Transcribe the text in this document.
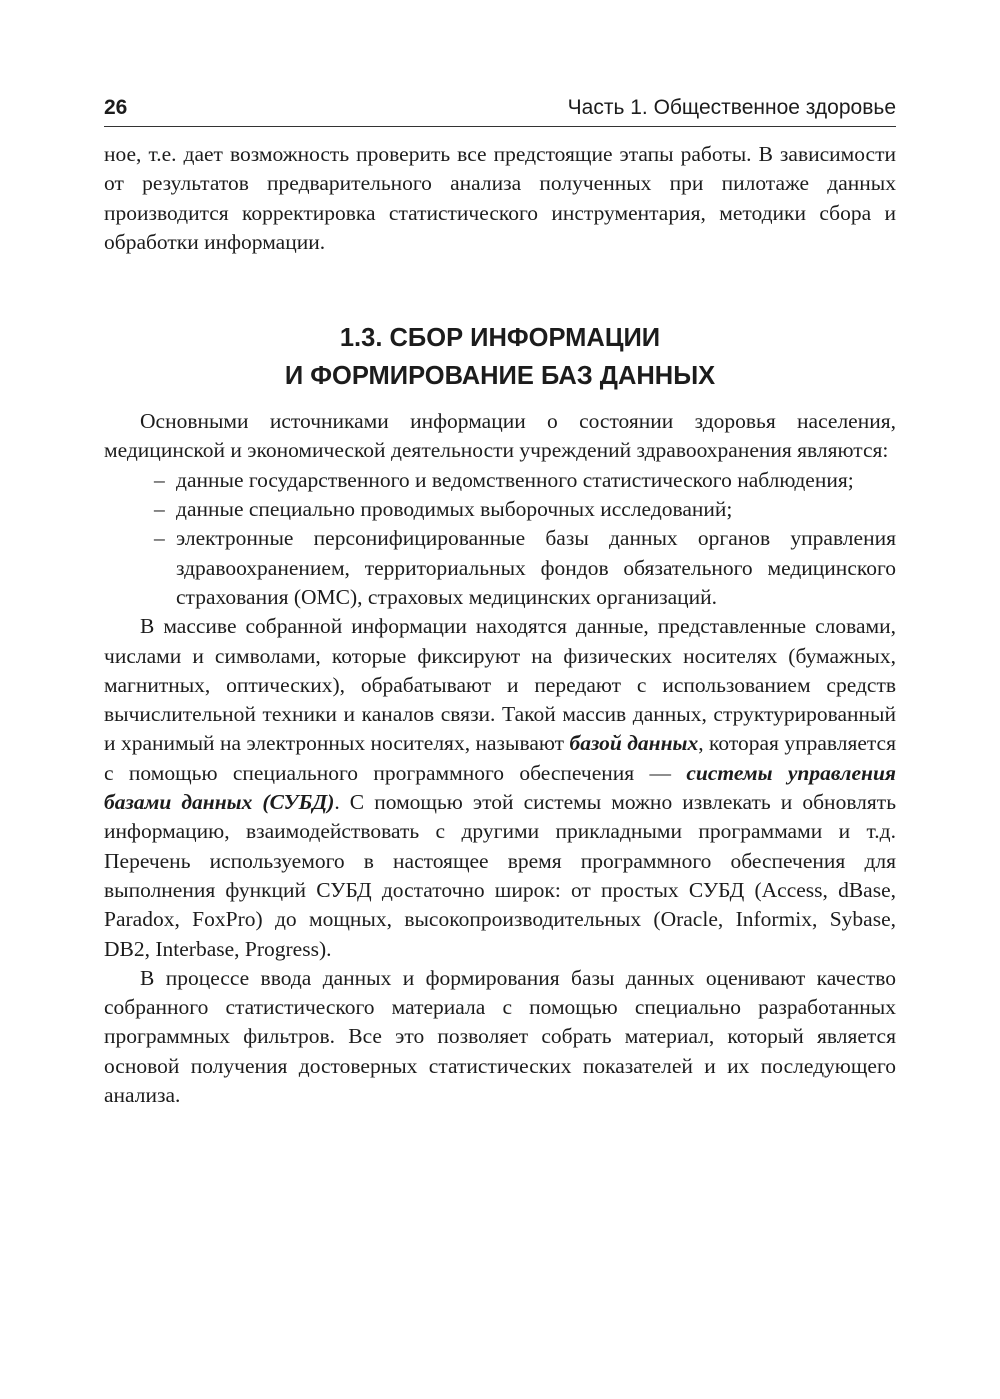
26	Часть 1. Общественное здоровье

ное, т.е. дает возможность проверить все предстоящие этапы работы. В зависимости от результатов предварительного анализа полученных при пилотаже данных производится корректировка статистического инструментария, методики сбора и обработки информации.

1.3. СБОР ИНФОРМАЦИИ
И ФОРМИРОВАНИЕ БАЗ ДАННЫХ

Основными источниками информации о состоянии здоровья населения, медицинской и экономической деятельности учреждений здравоохранения являются:

– данные государственного и ведомственного статистического наблюдения;
– данные специально проводимых выборочных исследований;
– электронные персонифицированные базы данных органов управления здравоохранением, территориальных фондов обязательного медицинского страхования (ОМС), страховых медицинских организаций.

В массиве собранной информации находятся данные, представленные словами, числами и символами, которые фиксируют на физических носителях (бумажных, магнитных, оптических), обрабатывают и передают с использованием средств вычислительной техники и каналов связи. Такой массив данных, структурированный и хранимый на электронных носителях, называют базой данных, которая управляется с помощью специального программного обеспечения — системы управления базами данных (СУБД). С помощью этой системы можно извлекать и обновлять информацию, взаимодействовать с другими прикладными программами и т.д. Перечень используемого в настоящее время программного обеспечения для выполнения функций СУБД достаточно широк: от простых СУБД (Access, dBase, Paradox, FoxPro) до мощных, высокопроизводительных (Oracle, Informix, Sybase, DB2, Interbase, Progress).

В процессе ввода данных и формирования базы данных оценивают качество собранного статистического материала с помощью специально разработанных программных фильтров. Все это позволяет собрать материал, который является основой получения достоверных статистических показателей и их последующего анализа.
